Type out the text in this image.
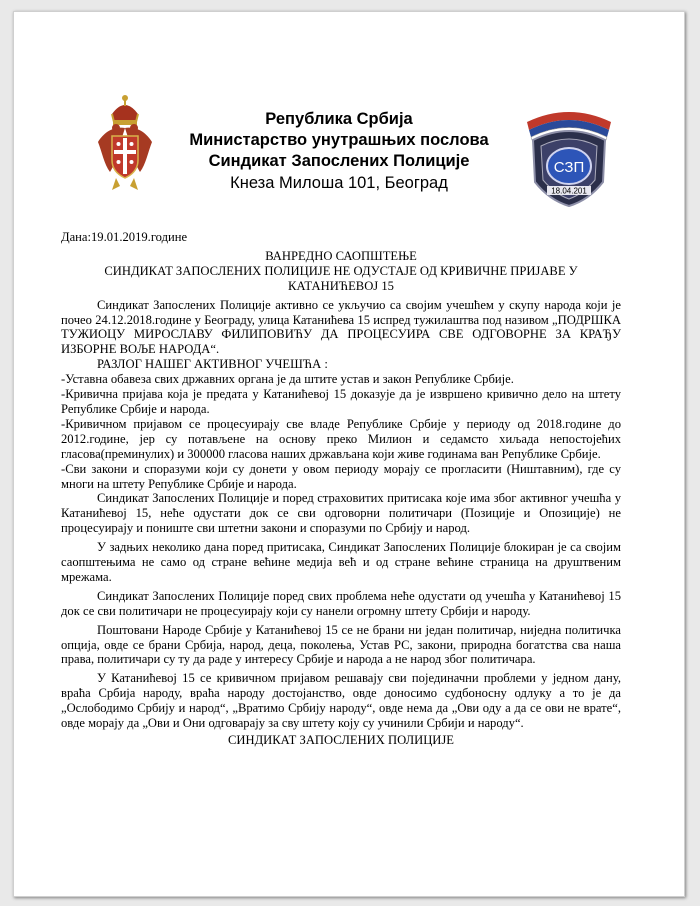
Република Србија

Министарство унутрашњих послова

Синдикат Запослених Полиције

Кнеза Милоша 101, Београд

СЗП
18.04.201

Дана:19.01.2019.године

ВАНРЕДНО САОПШТЕЊЕ

СИНДИКАТ ЗАПОСЛЕНИХ ПОЛИЦИЈЕ НЕ ОДУСТАЈЕ ОД КРИВИЧНЕ ПРИЈАВЕ У КАТАНИЋЕВОЈ 15

Синдикат Запослених Полиције активно се укључио са својим учешћем у скупу народа који је почео 24.12.2018.године у Београду, улица Катанићева 15 испред тужилаштва под називом „ПОДРШКА ТУЖИОЦУ МИРОСЛАВУ ФИЛИПОВИЋУ ДА ПРОЦЕСУИРА СВЕ ОДГОВОРНЕ ЗА КРАЂУ ИЗБОРНЕ ВОЉЕ НАРОДА“.

РАЗЛОГ НАШЕГ АКТИВНОГ УЧЕШЋА :

-Уставна обавеза свих државних органа је да штите устав и закон Републике Србије.

-Кривична пријава која је предата у Катанићевој 15 доказује да је извршено кривично дело на штету Републике Србије и народа.

-Кривичном пријавом се процесуирају све владе Републике Србије у периоду од 2018.године до 2012.године, јер су потављене на основу преко Милион и седамсто хиљада непостојећих гласова(преминулих) и 300000 гласова наших држављана који живе годинама ван Републике Србије.

-Сви закони и споразуми који су донети у овом периоду морају се прогласити (Ништавним), где су многи на штету Републике Србије и народа.

Синдикат Запослених Полиције и поред страховитих притисака које има због активног учешћа у Катанићевој 15, неће одустати док се сви одговорни политичари (Позиције и Опозиције) не процесуирају и пониште сви штетни закони и споразуми по Србију и народ.

У задњих неколико дана поред притисака, Синдикат Запослених Полиције блокиран је са својим саопштењима не само од стране већине медија већ и од стране већине страница на друштвеним мрежама.

Синдикат Запослених Полиције поред свих проблема неће одустати од учешћа у Катанићевој 15 док се сви политичари не процесуирају који су нанели огромну штету Србији и народу.

Поштовани Народе Србије у Катанићевој 15 се не брани ни један политичар, ниједна политичка опција, овде се брани Србија, народ, деца, поколења, Устав РС, закони, природна богатства сва наша права, политичари су ту да раде у интересу Србије и народа а не народ због политичара.

У Катанићевој 15 се кривичном пријавом решавају сви појединачни проблеми у једном дану, враћа Србија народу, враћа народу достојанство, овде доносимо судбоносну одлуку а то је да „Ослободимо Србију и народ“, „Вратимо Србију народу“, овде нема да „Ови оду а да се ови не врате“, овде морају да „Ови и Они одговарају за сву штету коју су учинили Србији и народу“.

СИНДИКАТ ЗАПОСЛЕНИХ ПОЛИЦИЈЕ
